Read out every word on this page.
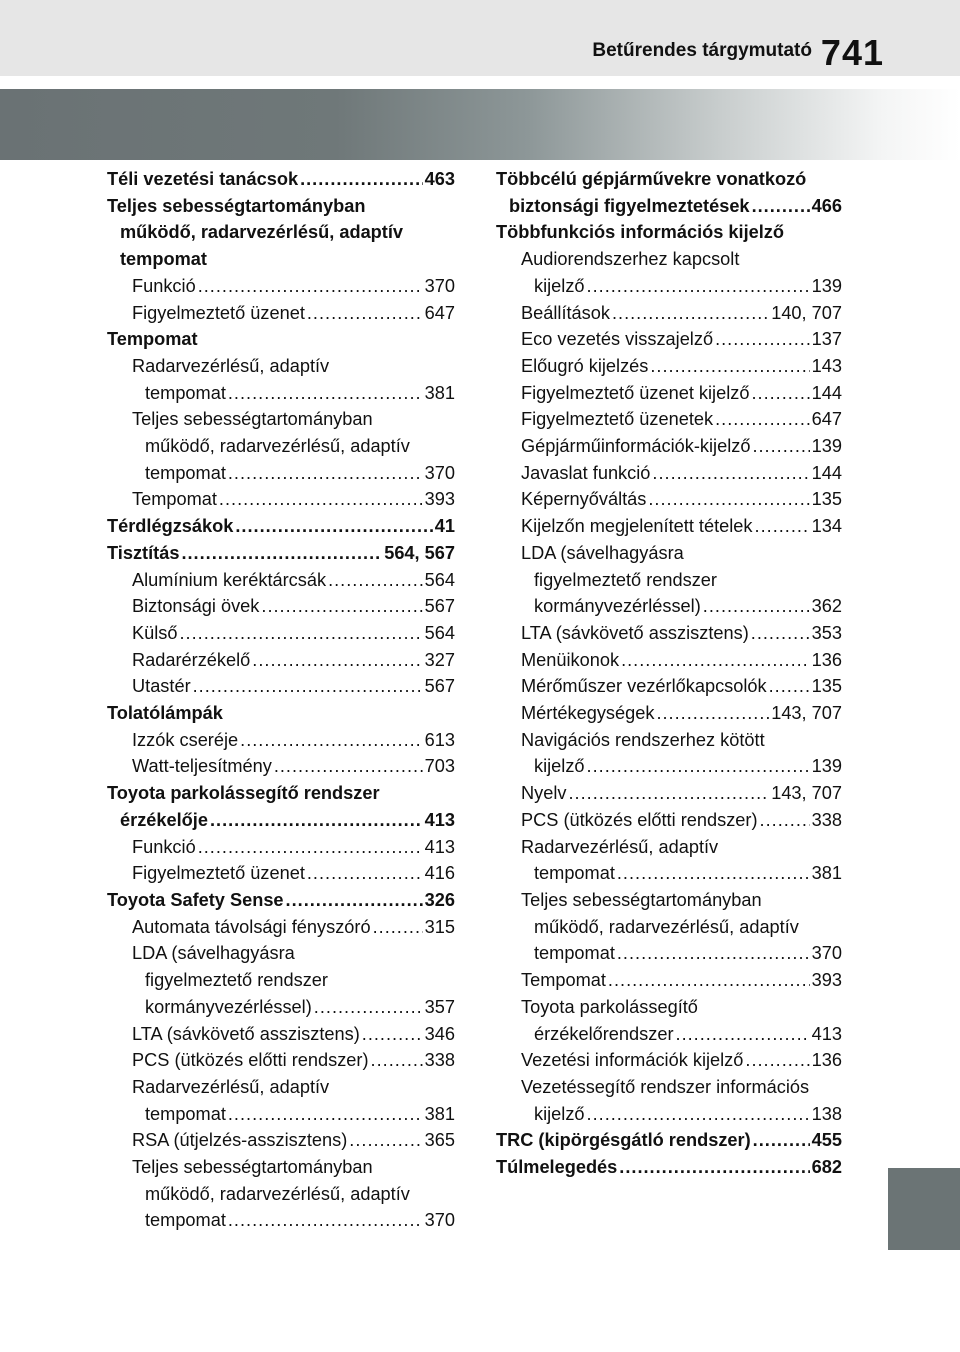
Betűrendes tárgymutató 741
Téli vezetési tanácsok .....	463
Teljes sebességtartományban
működő, radarvezérlésű, adaptív
tempomat
Funkció .....	370
Figyelmeztető üzenet .....	647
Tempomat
Radarvezérlésű, adaptív
tempomat .....	381
Teljes sebességtartományban
működő, radarvezérlésű, adaptív
tempomat .....	370
Tempomat .....	393
Térdlégzsákok .....	41
Tisztítás .....	564, 567
Alumínium keréktárcsák .....	564
Biztonsági övek .....	567
Külső .....	564
Radarérzékelő .....	327
Utastér .....	567
Tolatólámpák
Izzók cseréje .....	613
Watt-teljesítmény .....	703
Toyota parkolássegítő rendszer
érzékelője .....	413
Funkció .....	413
Figyelmeztető üzenet .....	416
Toyota Safety Sense .....	326
Automata távolsági fényszóró .....	315
LDA (sávelhagyásra
figyelmeztető rendszer
kormányvezérléssel) .....	357
LTA (sávkövető asszisztens) .....	346
PCS (ütközés előtti rendszer) .....	338
Radarvezérlésű, adaptív
tempomat .....	381
RSA (útjelzés-asszisztens) .....	365
Teljes sebességtartományban
működő, radarvezérlésű, adaptív
tempomat .....	370
Többcélú gépjárművekre vonatkozó
biztonsági figyelmeztetések .....	466
Többfunkciós információs kijelző
Audiorendszerhez kapcsolt
kijelző .....	139
Beállítások .....	140, 707
Eco vezetés visszajelző .....	137
Előugró kijelzés .....	143
Figyelmeztető üzenet kijelző .....	144
Figyelmeztető üzenetek .....	647
Gépjárműinformációk-kijelző .....	139
Javaslat funkció .....	144
Képernyőváltás .....	135
Kijelzőn megjelenített tételek .....	134
LDA (sávelhagyásra
figyelmeztető rendszer
kormányvezérléssel) .....	362
LTA (sávkövető asszisztens) .....	353
Menüikonok .....	136
Mérőműszer vezérlőkapcsolók ..... 135
Mértékegységek .....	143, 707
Navigációs rendszerhez kötött
kijelző .....	139
Nyelv .....	143, 707
PCS (ütközés előtti rendszer) .....	338
Radarvezérlésű, adaptív
tempomat .....	381
Teljes sebességtartományban
működő, radarvezérlésű, adaptív
tempomat .....	370
Tempomat .....	393
Toyota parkolássegítő
érzékelőrendszer .....	413
Vezetési információk kijelző .....	136
Vezetéssegítő rendszer információs
kijelző .....	138
TRC (kipörgésgátló rendszer) .....	455
Túlmelegedés .....	682
